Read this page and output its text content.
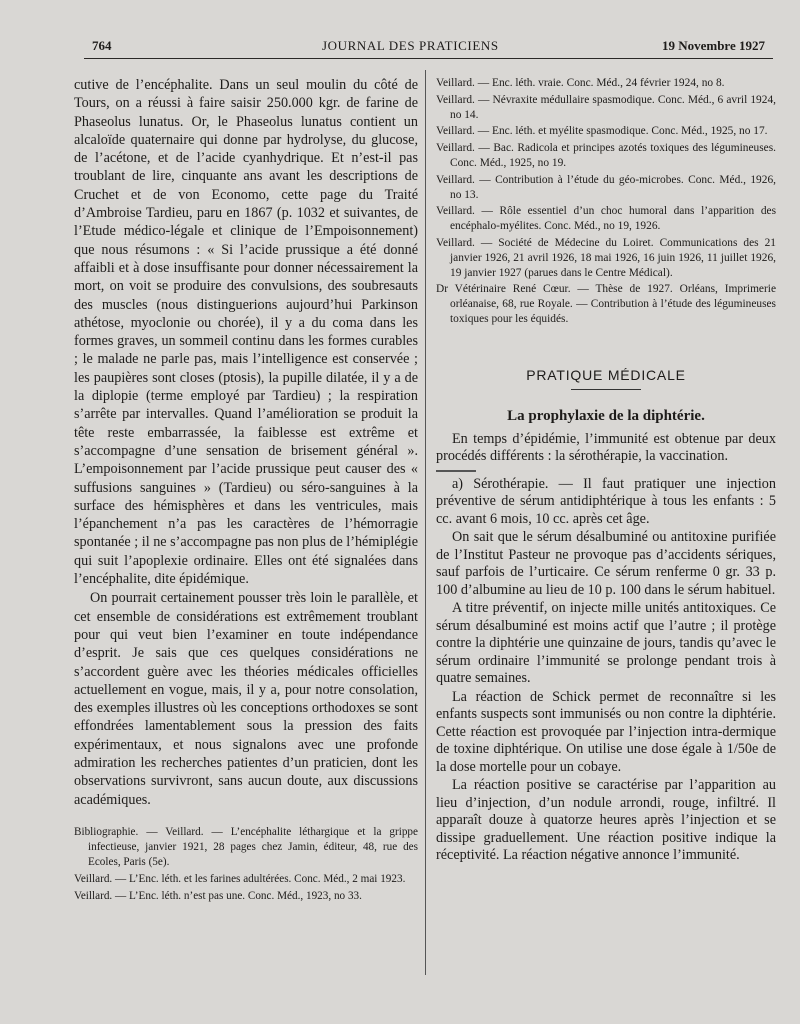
764	JOURNAL DES PRATICIENS	19 Novembre 1927

cutive de l’encéphalite. Dans un seul moulin du côté de Tours, on a réussi à faire saisir 250.000 kgr. de farine de Phaseolus lunatus. Or, le Phaseolus lunatus contient un alcaloïde quaternaire qui donne par hydrolyse, du glucose, de l’acétone, et de l’acide cyanhydrique. Et n’est-il pas troublant de lire, cinquante ans avant les descriptions de Cruchet et de von Economo, cette page du Traité d’Ambroise Tardieu, paru en 1867 (p. 1032 et suivantes, de l’Etude médico-légale et clinique de l’Empoisonnement) que nous résumons : « Si l’acide prussique a été donné affaibli et à dose insuffisante pour donner nécessairement la mort, on voit se produire des convulsions, des soubresauts des muscles (nous distinguerions aujourd’hui Parkinson athétose, myoclonie ou chorée), il y a du coma dans les formes graves, un sommeil continu dans les formes curables ; le malade ne parle pas, mais l’intelligence est conservée ; les paupières sont closes (ptosis), la pupille dilatée, il y a de la diplopie (terme employé par Tardieu) ; la respiration s’arrête par intervalles. Quand l’amélioration se produit la tête reste embarrassée, la faiblesse est extrême et s’accompagne d’une sensation de brisement général ». L’empoisonnement par l’acide prussique peut causer des « suffusions sanguines » (Tardieu) ou séro-sanguines à la surface des hémisphères et dans les ventricules, mais l’épanchement n’a pas les caractères de l’hémorragie spontanée ; il ne s’accompagne pas non plus de l’hémiplégie qui suit l’apoplexie ordinaire. Elles ont été signalées dans l’encéphalite, dite épidémique.

On pourrait certainement pousser très loin le parallèle, et cet ensemble de considérations est extrêmement troublant pour qui veut bien l’examiner en toute indépendance d’esprit. Je sais que ces quelques considérations ne s’accordent guère avec les théories médicales officielles actuellement en vogue, mais, il y a, pour notre consolation, des exemples illustres où les conceptions orthodoxes se sont effondrées lamentablement sous la pression des faits expérimentaux, et nous signalons avec une profonde admiration les recherches patientes d’un praticien, dont les observations survivront, sans aucun doute, aux discussions académiques.

Bibliographie. — Veillard. — L’encéphalite léthargique et la grippe infectieuse, janvier 1921, 28 pages chez Jamin, éditeur, 48, rue des Ecoles, Paris (5e).

Veillard. — L’Enc. léth. et les farines adultérées. Conc. Méd., 2 mai 1923.

Veillard. — L’Enc. léth. n’est pas une. Conc. Méd., 1923, no 33.

Veillard. — Enc. léth. vraie. Conc. Méd., 24 février 1924, no 8.

Veillard. — Névraxite médullaire spasmodique. Conc. Méd., 6 avril 1924, no 14.

Veillard. — Enc. léth. et myélite spasmodique. Conc. Méd., 1925, no 17.

Veillard. — Bac. Radicola et principes azotés toxiques des légumineuses. Conc. Méd., 1925, no 19.

Veillard. — Contribution à l’étude du géo-microbes. Conc. Méd., 1926, no 13.

Veillard. — Rôle essentiel d’un choc humoral dans l’apparition des encéphalo-myélites. Conc. Méd., no 19, 1926.

Veillard. — Société de Médecine du Loiret. Communications des 21 janvier 1926, 21 avril 1926, 18 mai 1926, 16 juin 1926, 11 juillet 1926, 19 janvier 1927 (parues dans le Centre Médical).

Dr Vétérinaire René Cœur. — Thèse de 1927. Orléans, Imprimerie orléanaise, 68, rue Royale. — Contribution à l’étude des légumineuses toxiques pour les équidés.

PRATIQUE MÉDICALE
La prophylaxie de la diphtérie.

En temps d’épidémie, l’immunité est obtenue par deux procédés différents : la sérothérapie, la vaccination.

a) Sérothérapie. — Il faut pratiquer une injection préventive de sérum antidiphtérique à tous les enfants : 5 cc. avant 6 mois, 10 cc. après cet âge.

On sait que le sérum désalbuminé ou antitoxine purifiée de l’Institut Pasteur ne provoque pas d’accidents sériques, sauf parfois de l’urticaire. Ce sérum renferme 0 gr. 33 p. 100 d’albumine au lieu de 10 p. 100 dans le sérum habituel.

A titre préventif, on injecte mille unités antitoxiques. Ce sérum désalbuminé est moins actif que l’autre ; il protège contre la diphtérie une quinzaine de jours, tandis qu’avec le sérum ordinaire l’immunité se prolonge pendant trois à quatre semaines.

La réaction de Schick permet de reconnaître si les enfants suspects sont immunisés ou non contre la diphtérie. Cette réaction est provoquée par l’injection intra-dermique de toxine diphtérique. On utilise une dose égale à 1/50e de la dose mortelle pour un cobaye.

La réaction positive se caractérise par l’apparition au lieu d’injection, d’un nodule arrondi, rouge, infiltré. Il apparaît douze à quatorze heures après l’injection et se dissipe graduellement. Une réaction positive indique la réceptivité. La réaction négative annonce l’immunité.
